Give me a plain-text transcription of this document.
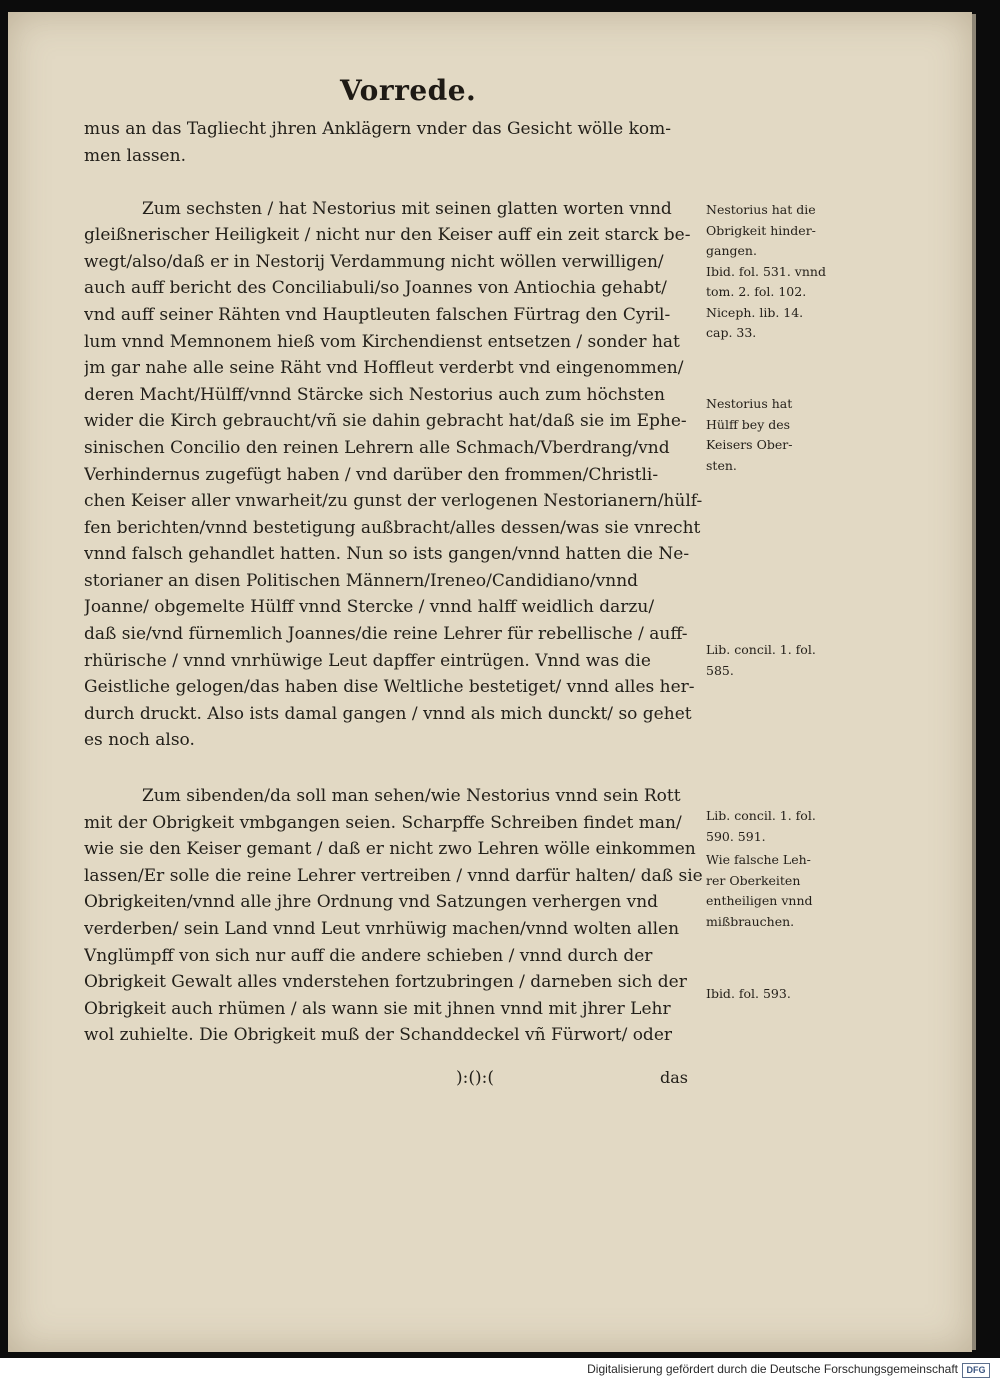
Vorrede.
mus an das Tagliecht jhren Anklägern vnder das Gesicht wölle kom-
men lassen.
Zum sechsten / hat Nestorius mit seinen glatten worten vnnd
gleißnerischer Heiligkeit / nicht nur den Keiser auff ein zeit starck be-
wegt/also/daß er in Nestorij Verdammung nicht wöllen verwilligen/
auch auff bericht des Conciliabuli/so Joannes von Antiochia gehabt/
vnd auff seiner Rähten vnd Hauptleuten falschen Fürtrag den Cyril-
lum vnnd Memnonem hieß vom Kirchendienst entsetzen / sonder hat
jm gar nahe alle seine Räht vnd Hoffleut verderbt vnd eingenommen/
deren Macht/Hülff/vnnd Stärcke sich Nestorius auch zum höchsten
wider die Kirch gebraucht/vñ sie dahin gebracht hat/daß sie im Ephe-
sinischen Concilio den reinen Lehrern alle Schmach/Vberdrang/vnd
Verhindernus zugefügt haben / vnd darüber den frommen/Christli-
chen Keiser aller vnwarheit/zu gunst der verlogenen Nestorianern/hülf-
fen berichten/vnnd bestetigung außbracht/alles dessen/was sie vnrecht
vnnd falsch gehandlet hatten. Nun so ists gangen/vnnd hatten die Ne-
storianer an disen Politischen Männern/Ireneo/Candidiano/vnnd
Joanne/ obgemelte Hülff vnnd Stercke / vnnd halff weidlich darzu/
daß sie/vnd fürnemlich Joannes/die reine Lehrer für rebellische / auff-
rhürische / vnnd vnrhüwige Leut dapffer eintrügen. Vnnd was die
Geistliche gelogen/das haben dise Weltliche bestetiget/ vnnd alles her-
durch druckt. Also ists damal gangen / vnnd als mich dunckt/ so gehet
es noch also.
Zum sibenden/da soll man sehen/wie Nestorius vnnd sein Rott
mit der Obrigkeit vmbgangen seien. Scharpffe Schreiben findet man/
wie sie den Keiser gemant / daß er nicht zwo Lehren wölle einkommen
lassen/Er solle die reine Lehrer vertreiben / vnnd darfür halten/ daß sie
Obrigkeiten/vnnd alle jhre Ordnung vnd Satzungen verhergen vnd
verderben/ sein Land vnnd Leut vnrhüwig machen/vnnd wolten allen
Vnglümpff von sich nur auff die andere schieben / vnnd durch der
Obrigkeit Gewalt alles vnderstehen fortzubringen / darneben sich der
Obrigkeit auch rhümen / als wann sie mit jhnen vnnd mit jhrer Lehr
wol zuhielte. Die Obrigkeit muß der Schanddeckel vñ Fürwort/ oder
Nestorius hat die
Obrigkeit hinder-
gangen.
Ibid. fol. 531. vnnd
tom. 2. fol. 102.
Niceph. lib. 14.
cap. 33.
Nestorius hat
Hülff bey des
Keisers Ober-
sten.
Lib. concil. 1. fol.
585.
Lib. concil. 1. fol.
590. 591.
Wie falsche Leh-
rer Oberkeiten
entheiligen vnnd
mißbrauchen.
Ibid. fol. 593.
):():(	das
Digitalisierung gefördert durch die Deutsche Forschungsgemeinschaft DFG
